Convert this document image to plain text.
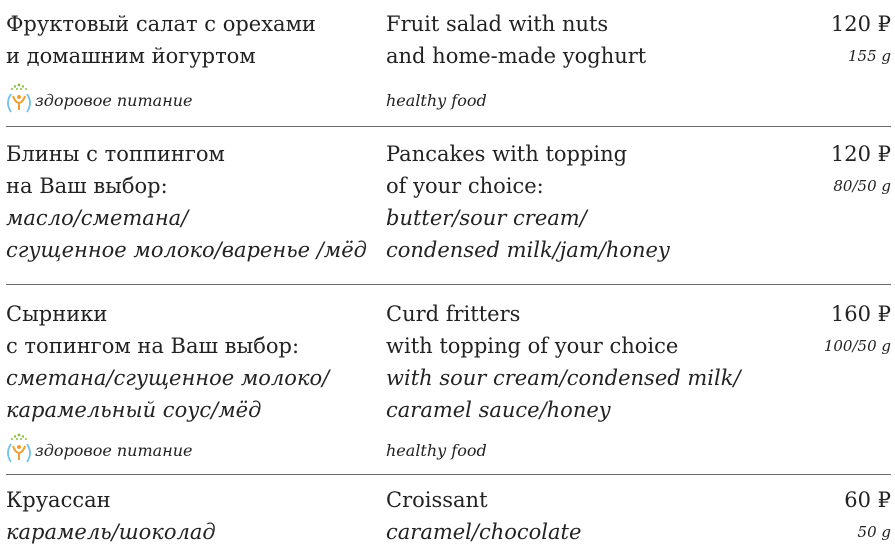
Фруктовый салат с орехами
и домашним йогуртом
Fruit salad with nuts
and home-made yoghurt
120 ₽
155 g
здоровое питание	healthy food
Блины с топпингом
на Ваш выбор:
масло/сметана/
сгущенное молоко/варенье /мёд
Pancakes with topping
of your choice:
butter/sour cream/
condensed milk/jam/honey
120 ₽
80/50 g
Сырники
с топингом на Ваш выбор:
сметана/сгущенное молоко/
карамельный соус/мёд
Curd fritters
with topping of your choice
with sour cream/condensed milk/
caramel sauce/honey
160 ₽
100/50 g
здоровое питание	healthy food
Круассан
карамель/шоколад
Croissant
caramel/chocolate
60 ₽
50 g
